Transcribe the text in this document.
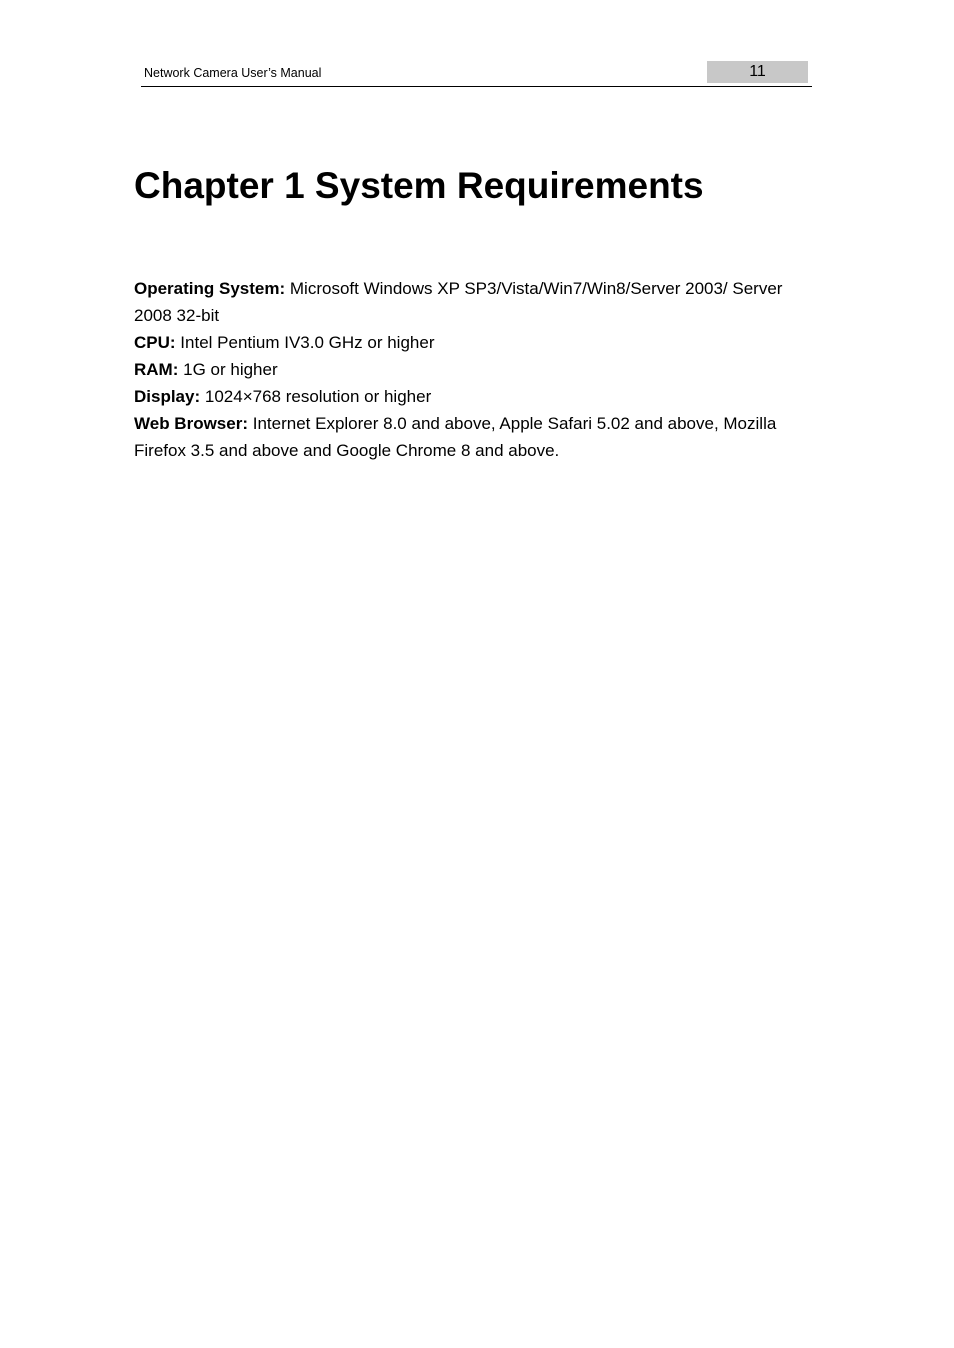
Network Camera User’s Manual	11
Chapter 1 System Requirements

Operating System: Microsoft Windows XP SP3/Vista/Win7/Win8/Server 2003/ Server 2008 32-bit

CPU: Intel Pentium IV3.0 GHz or higher

RAM: 1G or higher

Display: 1024×768 resolution or higher

Web Browser: Internet Explorer 8.0 and above, Apple Safari 5.02 and above, Mozilla Firefox 3.5 and above and Google Chrome 8 and above.
